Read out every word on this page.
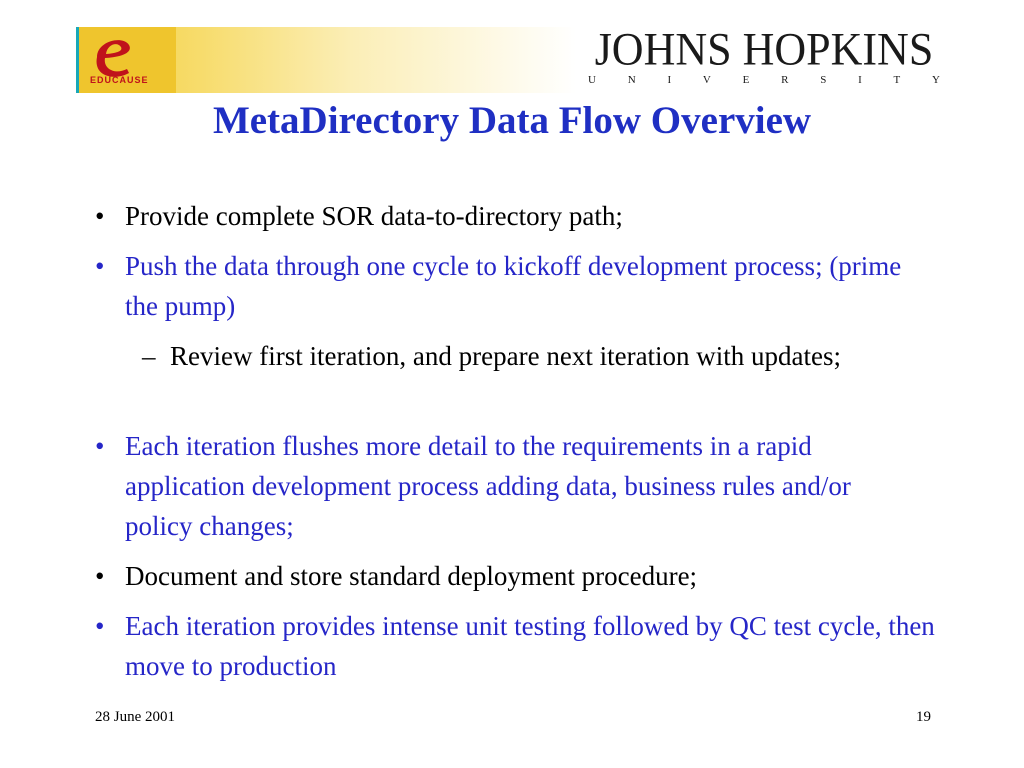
EDUCAUSE
JOHNS HOPKINS
U	N	I	V	E	R	S	I	T	Y
MetaDirectory Data Flow Overview
• Provide complete SOR data-to-directory path;
• Push the data through one cycle to kickoff development process; (prime the pump)
– Review first iteration, and prepare next iteration with updates;
• Each iteration flushes more detail to the requirements in a rapid application development process adding data, business rules and/or policy changes;
• Document and store standard deployment procedure;
• Each iteration provides intense unit testing followed by QC test cycle, then move to production
28 June 2001	19
